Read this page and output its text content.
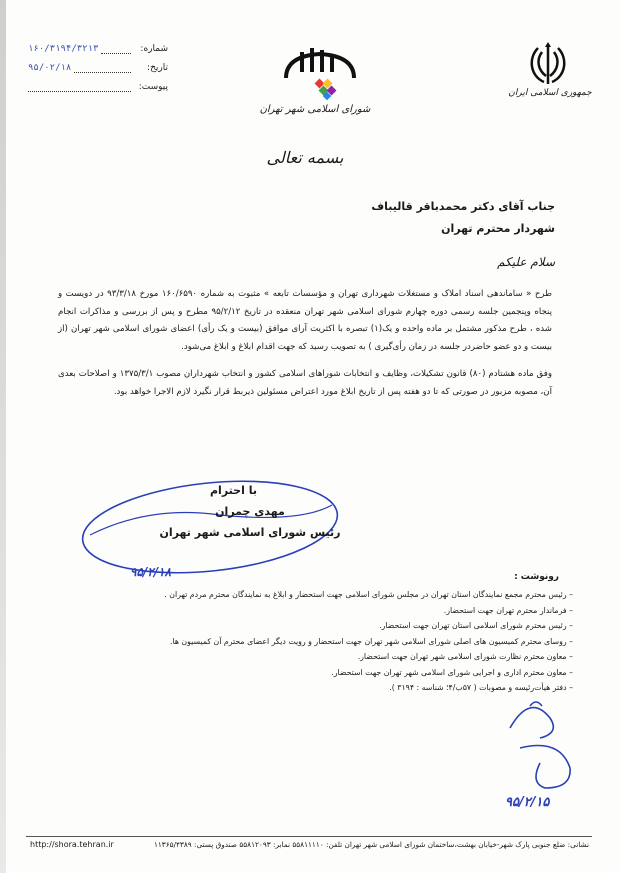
شماره:
۱۶۰/۳۱۹۴/۳۲۱۳
تاریخ:
۹۵/۰۲/۱۸
پیوست:
جمهوری اسلامی ایران
شورای اسلامی شهر تهران
بسمه تعالی
جناب آقای دکتر محمدباقر قالیباف
شهردار محترم تهران
سلام علیکم

طرح « ساماندهی اسناد املاک و مستغلات شهرداری تهران و مؤسسات تابعه » مثبوت به شماره ۱۶۰/۶۵۹۰ مورخ ۹۳/۳/۱۸ در دویست و پنجاه وپنجمین جلسه رسمی دوره چهارم شورای اسلامی شهر تهران منعقده در تاریخ ۹۵/۲/۱۲ مطرح و پس از بررسی و مذاکرات انجام شده ، طرح مذکور مشتمل بر ماده واحده و یک(۱) تبصره با اکثریت آرای موافق (بیست و یک رأی) اعضای شورای اسلامی شهر تهران (از بیست و دو عضو حاضردر جلسه در زمان رأی‌گیری ) به تصویب رسید که جهت اقدام ابلاغ و ابلاغ می‌شود.

وفق ماده هشتادم (۸۰) قانون تشکیلات، وظایف و انتخابات شوراهای اسلامی کشور و انتخاب شهرداران مصوب ۱۳۷۵/۳/۱ و اصلاحات بعدی آن، مصوبه مزبور در صورتی که تا دو هفته پس از تاریخ ابلاغ مورد اعتراض مسئولین ذیربط قرار نگیرد لازم الاجرا خواهد بود.

با احترام
مهدی چمران
رئیس شورای اسلامی شهر تهران
۹۵/۲/۱۸	رونوشت :
– رئیس محترم مجمع نمایندگان استان تهران در مجلس شورای اسلامی جهت استحضار و ابلاغ به نمایندگان محترم مردم تهران .
– فرماندار محترم تهران جهت استحضار.
– رئیس محترم شورای اسلامی استان تهران جهت استحضار.
– روسای محترم کمیسیون های اصلی شورای اسلامی شهر تهران جهت استحضار و رویت دیگر اعضای محترم آن کمیسیون ها.
– معاون محترم نظارت شورای اسلامی شهر تهران جهت استحضار.
– معاون محترم اداری و اجرایی شورای اسلامی شهر تهران جهت استحضار.
– دفتر هیأت‌رئیسه و مصوبات ( ۵۷ب/۴؛ شناسه : ۳۱۹۴ ).
۹۵/۲/۱۵
نشانی: ضلع جنوبی پارک شهر-خیابان بهشت،ساختمان شورای اسلامی شهر تهران تلفن: ۵۵۸۱۱۱۱۰ نمابر: ۵۵۸۱۲۰۹۳ صندوق پستی: ۱۱۳۶۵/۴۳۸۹
http://shora.tehran.ir
